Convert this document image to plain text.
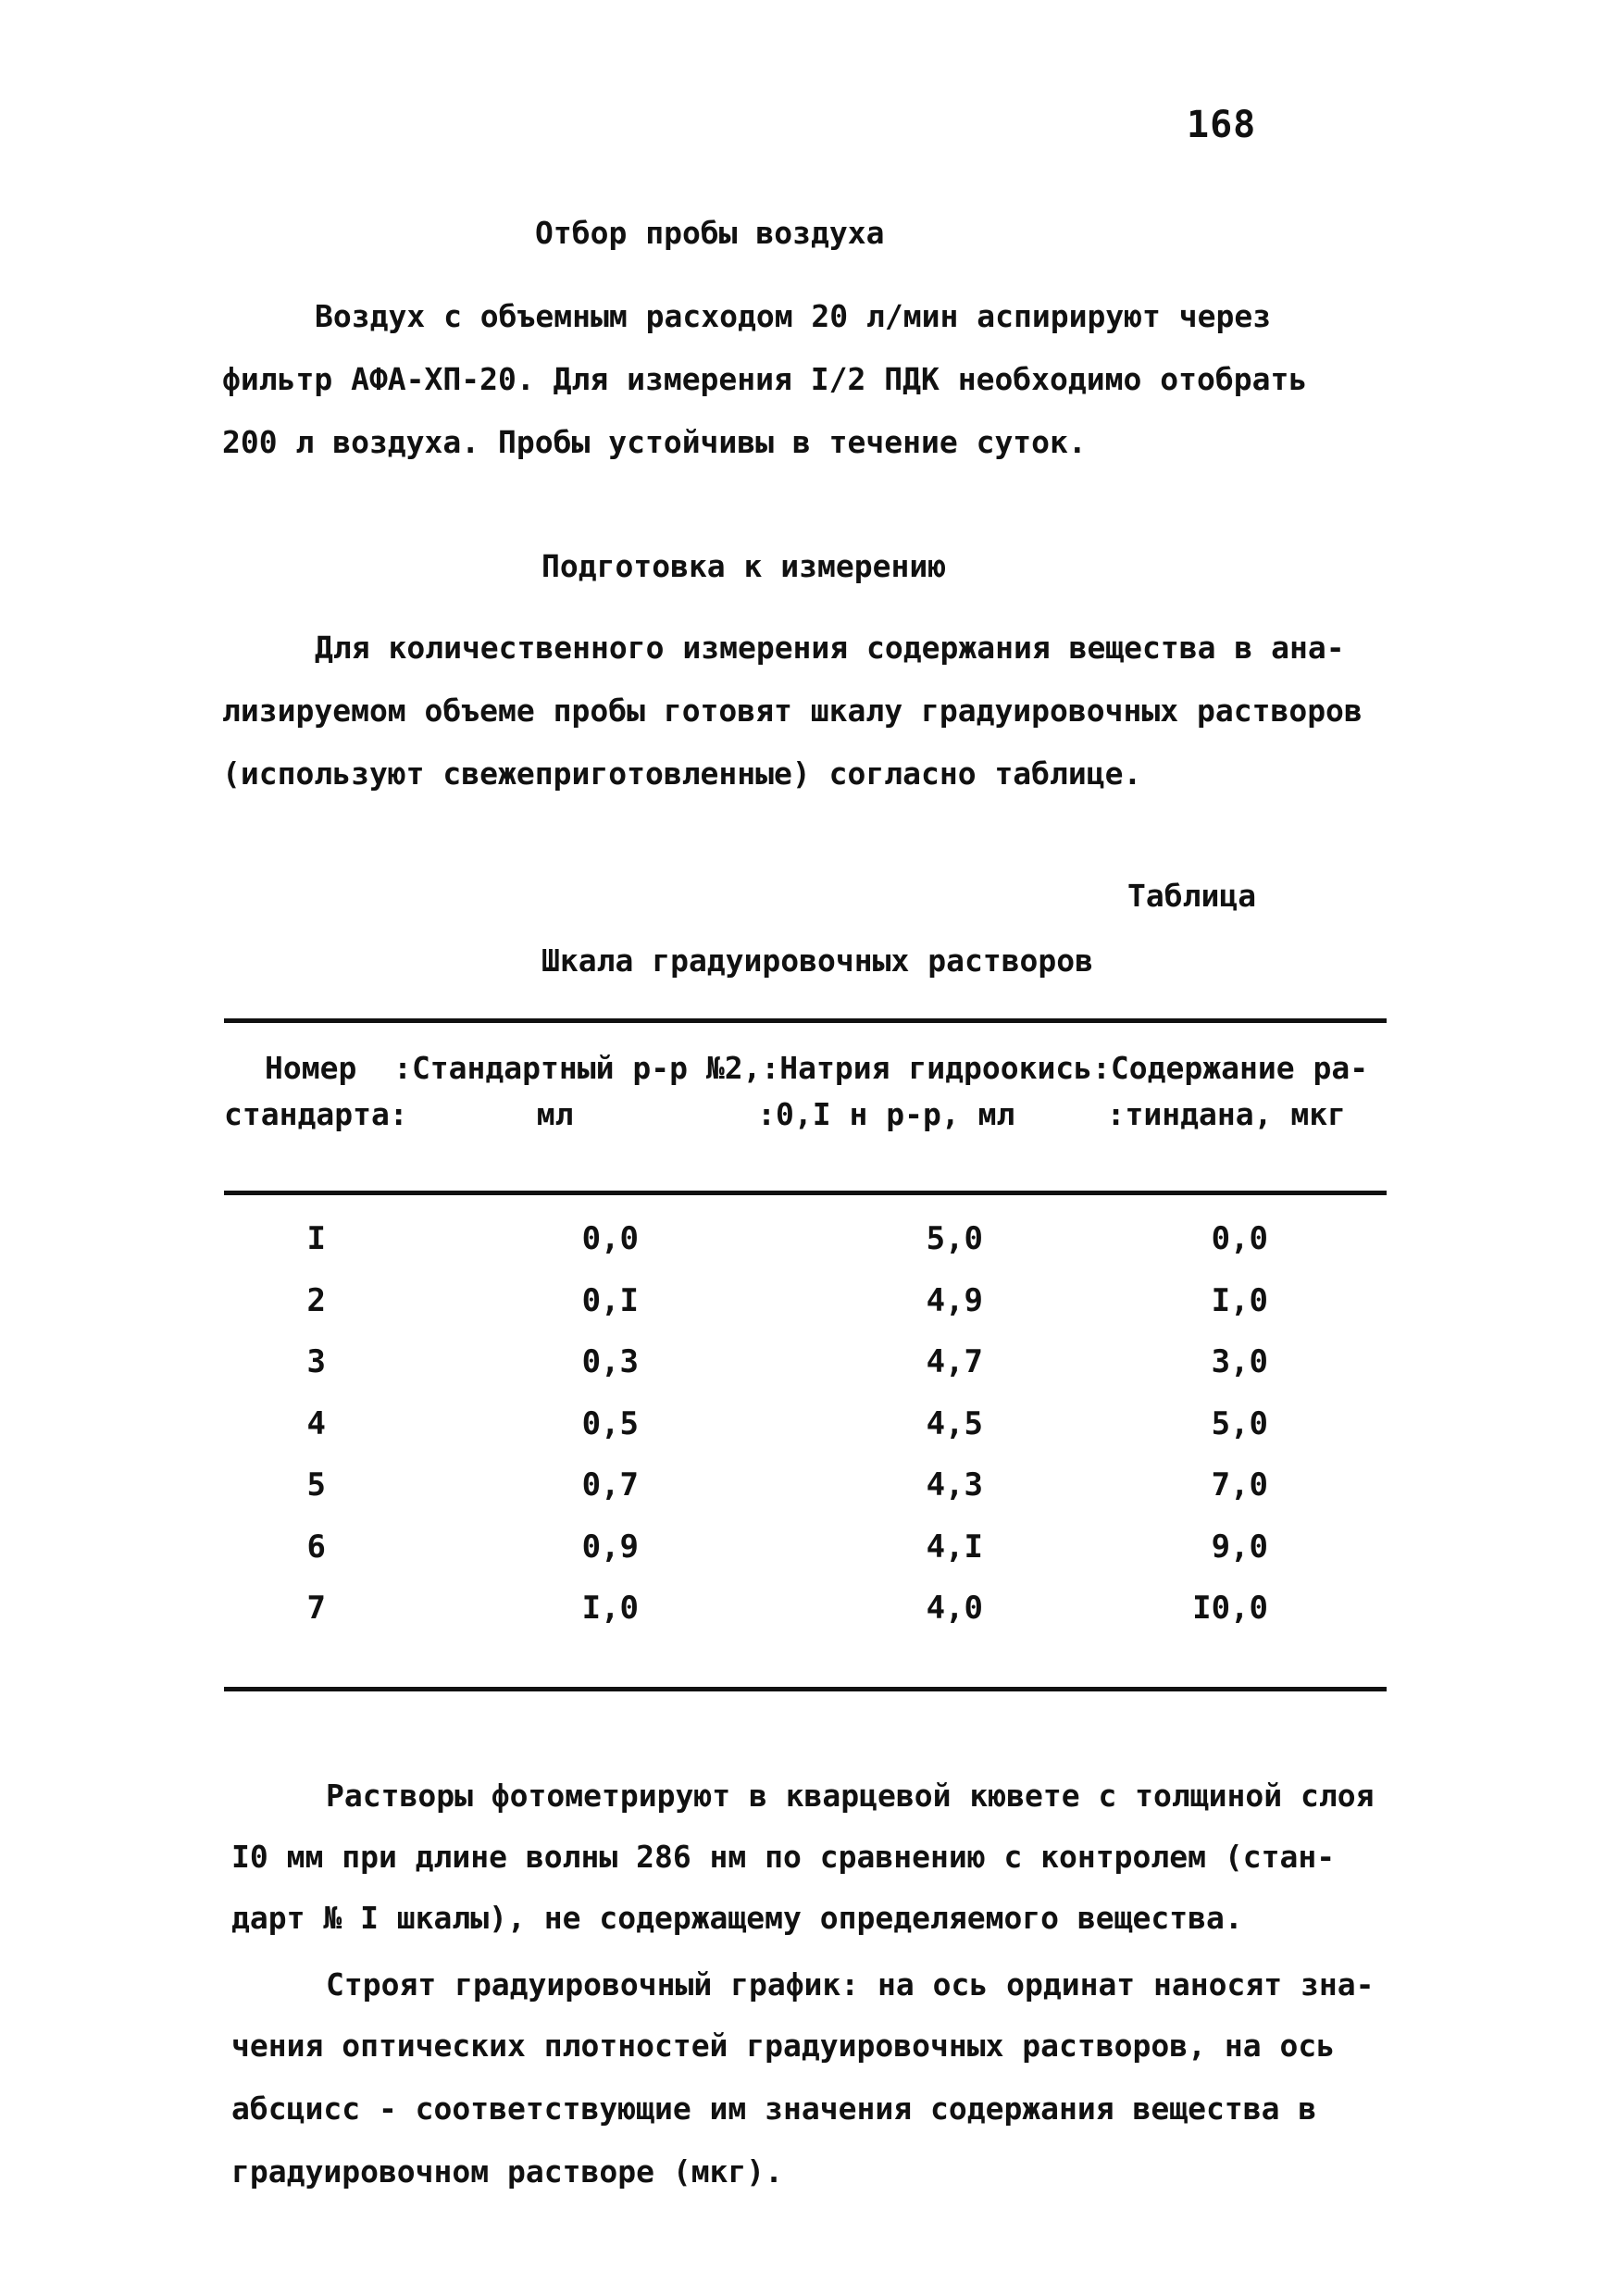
168
Отбор пробы воздуха
Воздух с объемным расходом 20 л/мин аспирируют через
фильтр АФА-ХП-20. Для измерения I/2 ПДК необходимо отобрать
200 л воздуха. Пробы устойчивы в течение суток.
Подготовка к измерению
Для количественного измерения содержания вещества в ана-
лизируемом объеме пробы готовят шкалу градуировочных растворов
(используют свежеприготовленные) согласно таблице.
Таблица
Шкала градуировочных растворов
Номер  :Стандартный р-р №2,:Натрия гидроокись:Содержание ра-
стандарта:       мл          :0,I н р-р, мл     :тиндана, мкг
I	0,0	5,0	0,0
2	0,I	4,9	I,0
3	0,3	4,7	3,0
4	0,5	4,5	5,0
5	0,7	4,3	7,0
6	0,9	4,I	9,0
7	I,0	4,0	I0,0
Растворы фотометрируют в кварцевой кювете с толщиной слоя
I0 мм при длине волны 286 нм по сравнению с контролем (стан-
дарт № I шкалы), не содержащему определяемого вещества.
Строят градуировочный график: на ось ординат наносят зна-
чения оптических плотностей градуировочных растворов, на ось
абсцисс - соответствующие им значения содержания вещества в
градуировочном растворе (мкг).
